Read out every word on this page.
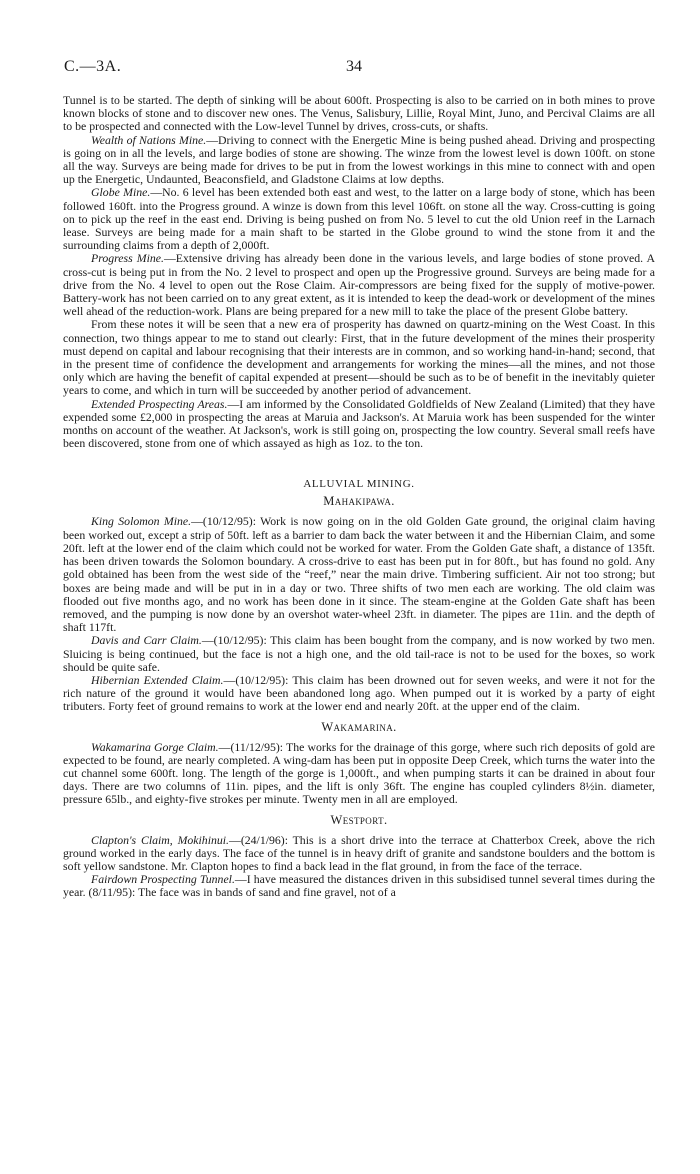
C.—3A.	34

Tunnel is to be started. The depth of sinking will be about 600ft. Prospecting is also to be carried on in both mines to prove known blocks of stone and to discover new ones. The Venus, Salisbury, Lillie, Royal Mint, Juno, and Percival Claims are all to be prospected and connected with the Low-level Tunnel by drives, cross-cuts, or shafts.

Wealth of Nations Mine.—Driving to connect with the Energetic Mine is being pushed ahead. Driving and prospecting is going on in all the levels, and large bodies of stone are showing. The winze from the lowest level is down 100ft. on stone all the way. Surveys are being made for drives to be put in from the lowest workings in this mine to connect with and open up the Energetic, Undaunted, Beaconsfield, and Gladstone Claims at low depths.

Globe Mine.—No. 6 level has been extended both east and west, to the latter on a large body of stone, which has been followed 160ft. into the Progress ground. A winze is down from this level 106ft. on stone all the way. Cross-cutting is going on to pick up the reef in the east end. Driving is being pushed on from No. 5 level to cut the old Union reef in the Larnach lease. Surveys are being made for a main shaft to be started in the Globe ground to wind the stone from it and the surrounding claims from a depth of 2,000ft.

Progress Mine.—Extensive driving has already been done in the various levels, and large bodies of stone proved. A cross-cut is being put in from the No. 2 level to prospect and open up the Progressive ground. Surveys are being made for a drive from the No. 4 level to open out the Rose Claim. Air-compressors are being fixed for the supply of motive-power. Battery-work has not been carried on to any great extent, as it is intended to keep the dead-work or development of the mines well ahead of the reduction-work. Plans are being prepared for a new mill to take the place of the present Globe battery.

From these notes it will be seen that a new era of prosperity has dawned on quartz-mining on the West Coast. In this connection, two things appear to me to stand out clearly: First, that in the future development of the mines their prosperity must depend on capital and labour recognising that their interests are in common, and so working hand-in-hand; second, that in the present time of confidence the development and arrangements for working the mines—all the mines, and not those only which are having the benefit of capital expended at present—should be such as to be of benefit in the inevitably quieter years to come, and which in turn will be succeeded by another period of advancement.

Extended Prospecting Areas.—I am informed by the Consolidated Goldfields of New Zealand (Limited) that they have expended some £2,000 in prospecting the areas at Maruia and Jackson's. At Maruia work has been suspended for the winter months on account of the weather. At Jackson's, work is still going on, prospecting the low country. Several small reefs have been discovered, stone from one of which assayed as high as 1oz. to the ton.

ALLUVIAL MINING.

Mahakipawa.

King Solomon Mine.—(10/12/95): Work is now going on in the old Golden Gate ground, the original claim having been worked out, except a strip of 50ft. left as a barrier to dam back the water between it and the Hibernian Claim, and some 20ft. left at the lower end of the claim which could not be worked for water. From the Golden Gate shaft, a distance of 135ft. has been driven towards the Solomon boundary. A cross-drive to east has been put in for 80ft., but has found no gold. Any gold obtained has been from the west side of the “reef,” near the main drive. Timbering sufficient. Air not too strong; but boxes are being made and will be put in in a day or two. Three shifts of two men each are working. The old claim was flooded out five months ago, and no work has been done in it since. The steam-engine at the Golden Gate shaft has been removed, and the pumping is now done by an overshot water-wheel 23ft. in diameter. The pipes are 11in. and the depth of shaft 117ft.

Davis and Carr Claim.—(10/12/95): This claim has been bought from the company, and is now worked by two men. Sluicing is being continued, but the face is not a high one, and the old tail-race is not to be used for the boxes, so work should be quite safe.

Hibernian Extended Claim.—(10/12/95): This claim has been drowned out for seven weeks, and were it not for the rich nature of the ground it would have been abandoned long ago. When pumped out it is worked by a party of eight tributers. Forty feet of ground remains to work at the lower end and nearly 20ft. at the upper end of the claim.

Wakamarina.

Wakamarina Gorge Claim.—(11/12/95): The works for the drainage of this gorge, where such rich deposits of gold are expected to be found, are nearly completed. A wing-dam has been put in opposite Deep Creek, which turns the water into the cut channel some 600ft. long. The length of the gorge is 1,000ft., and when pumping starts it can be drained in about four days. There are two columns of 11in. pipes, and the lift is only 36ft. The engine has coupled cylinders 8½in. diameter, pressure 65lb., and eighty-five strokes per minute. Twenty men in all are employed.

Westport.

Clapton's Claim, Mokihinui.—(24/1/96): This is a short drive into the terrace at Chatterbox Creek, above the rich ground worked in the early days. The face of the tunnel is in heavy drift of granite and sandstone boulders and the bottom is soft yellow sandstone. Mr. Clapton hopes to find a back lead in the flat ground, in from the face of the terrace.

Fairdown Prospecting Tunnel.—I have measured the distances driven in this subsidised tunnel several times during the year. (8/11/95): The face was in bands of sand and fine gravel, not of a
